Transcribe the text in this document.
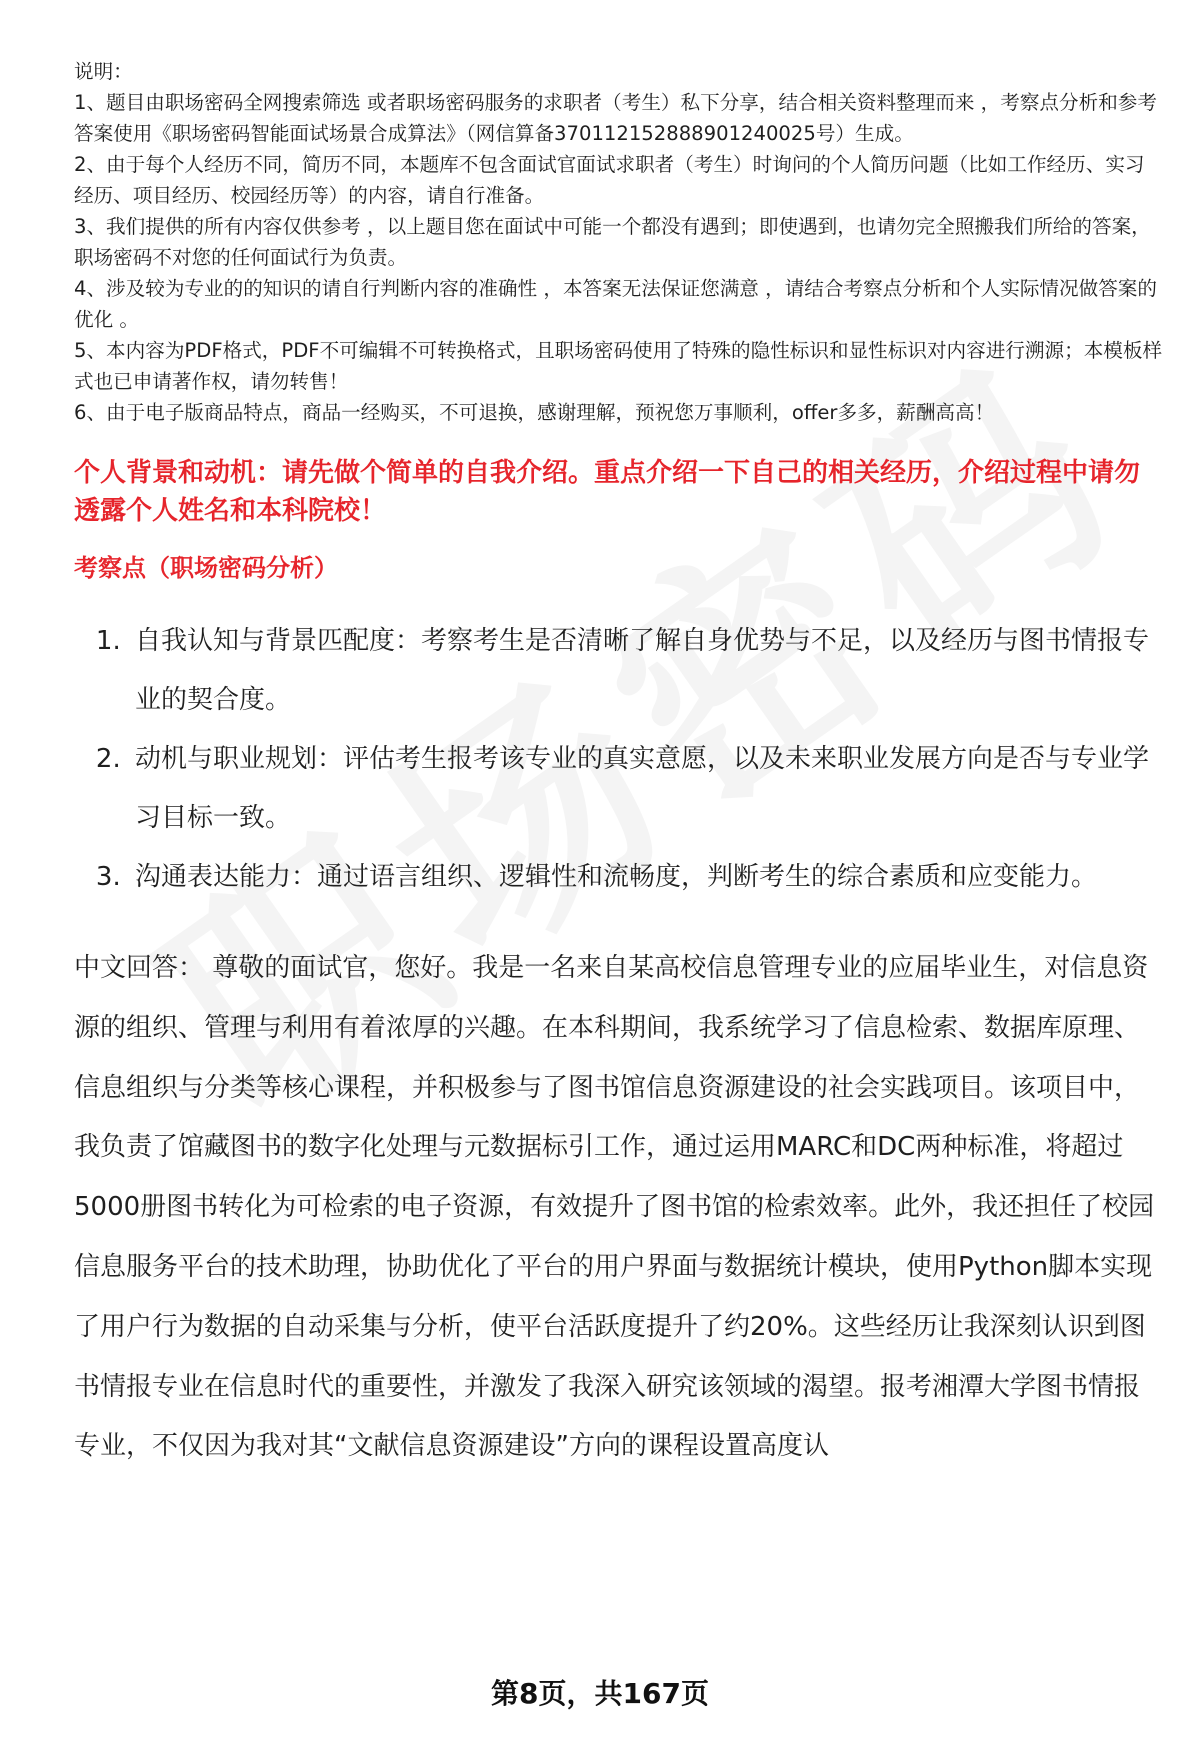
说明：

1、题目由职场密码全网搜索筛选 或者职场密码服务的求职者（考生）私下分享，结合相关资料整理而来 ，考察点分析和参考答案使用《职场密码智能面试场景合成算法》（网信算备370112152888901240025号）生成。

2、由于每个人经历不同，简历不同，本题库不包含面试官面试求职者（考生）时询问的个人简历问题（比如工作经历、实习经历、项目经历、校园经历等）的内容，请自行准备。

3、我们提供的所有内容仅供参考 ，以上题目您在面试中可能一个都没有遇到；即使遇到，也请勿完全照搬我们所给的答案，职场密码不对您的任何面试行为负责。

4、涉及较为专业的的知识的请自行判断内容的准确性 ，本答案无法保证您满意 ，请结合考察点分析和个人实际情况做答案的优化 。

5、本内容为PDF格式，PDF不可编辑不可转换格式，且职场密码使用了特殊的隐性标识和显性标识对内容进行溯源；本模板样式也已申请著作权，请勿转售！

6、由于电子版商品特点，商品一经购买，不可退换，感谢理解，预祝您万事顺利，offer多多，薪酬高高！

个人背景和动机：请先做个简单的自我介绍。重点介绍一下自己的相关经历，介绍过程中请勿透露个人姓名和本科院校！
考察点（职场密码分析）
1. 自我认知与背景匹配度：考察考生是否清晰了解自身优势与不足，以及经历与图书情报专业的契合度。
2. 动机与职业规划：评估考生报考该专业的真实意愿，以及未来职业发展方向是否与专业学习目标一致。
3. 沟通表达能力：通过语言组织、逻辑性和流畅度，判断考生的综合素质和应变能力。
中文回答： 尊敬的面试官，您好。我是一名来自某高校信息管理专业的应届毕业生，对信息资源的组织、管理与利用有着浓厚的兴趣。在本科期间，我系统学习了信息检索、数据库原理、信息组织与分类等核心课程，并积极参与了图书馆信息资源建设的社会实践项目。该项目中，我负责了馆藏图书的数字化处理与元数据标引工作，通过运用MARC和DC两种标准，将超过5000册图书转化为可检索的电子资源，有效提升了图书馆的检索效率。此外，我还担任了校园信息服务平台的技术助理，协助优化了平台的用户界面与数据统计模块，使用Python脚本实现了用户行为数据的自动采集与分析，使平台活跃度提升了约20%。这些经历让我深刻认识到图书情报专业在信息时代的重要性，并激发了我深入研究该领域的渴望。报考湘潭大学图书情报专业，不仅因为我对其“文献信息资源建设”方向的课程设置高度认
第8页，共167页
